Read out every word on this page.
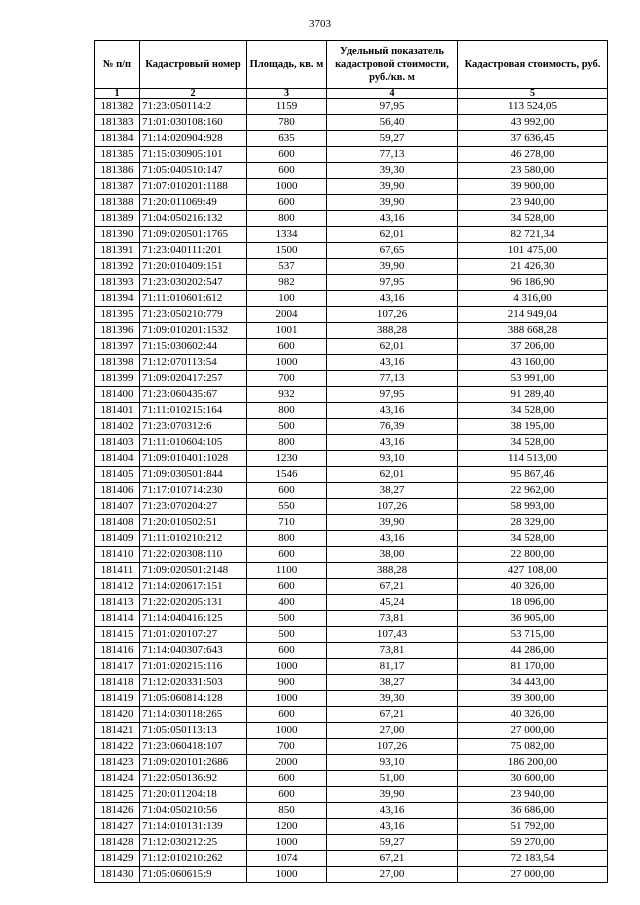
3703
№ п/п	Кадастровый номер	Площадь, кв. м	Удельный показатель кадастровой стоимости, руб./кв. м	Кадастровая стоимость, руб.
1	2	3	4	5
181382	71:23:050114:2	1159	97,95	113 524,05
181383	71:01:030108:160	780	56,40	43 992,00
181384	71:14:020904:928	635	59,27	37 636,45
181385	71:15:030905:101	600	77,13	46 278,00
181386	71:05:040510:147	600	39,30	23 580,00
181387	71:07:010201:1188	1000	39,90	39 900,00
181388	71:20:011069:49	600	39,90	23 940,00
181389	71:04:050216:132	800	43,16	34 528,00
181390	71:09:020501:1765	1334	62,01	82 721,34
181391	71:23:040111:201	1500	67,65	101 475,00
181392	71:20:010409:151	537	39,90	21 426,30
181393	71:23:030202:547	982	97,95	96 186,90
181394	71:11:010601:612	100	43,16	4 316,00
181395	71:23:050210:779	2004	107,26	214 949,04
181396	71:09:010201:1532	1001	388,28	388 668,28
181397	71:15:030602:44	600	62,01	37 206,00
181398	71:12:070113:54	1000	43,16	43 160,00
181399	71:09:020417:257	700	77,13	53 991,00
181400	71:23:060435:67	932	97,95	91 289,40
181401	71:11:010215:164	800	43,16	34 528,00
181402	71:23:070312:6	500	76,39	38 195,00
181403	71:11:010604:105	800	43,16	34 528,00
181404	71:09:010401:1028	1230	93,10	114 513,00
181405	71:09:030501:844	1546	62,01	95 867,46
181406	71:17:010714:230	600	38,27	22 962,00
181407	71:23:070204:27	550	107,26	58 993,00
181408	71:20:010502:51	710	39,90	28 329,00
181409	71:11:010210:212	800	43,16	34 528,00
181410	71:22:020308:110	600	38,00	22 800,00
181411	71:09:020501:2148	1100	388,28	427 108,00
181412	71:14:020617:151	600	67,21	40 326,00
181413	71:22:020205:131	400	45,24	18 096,00
181414	71:14:040416:125	500	73,81	36 905,00
181415	71:01:020107:27	500	107,43	53 715,00
181416	71:14:040307:643	600	73,81	44 286,00
181417	71:01:020215:116	1000	81,17	81 170,00
181418	71:12:020331:503	900	38,27	34 443,00
181419	71:05:060814:128	1000	39,30	39 300,00
181420	71:14:030118:265	600	67,21	40 326,00
181421	71:05:050113:13	1000	27,00	27 000,00
181422	71:23:060418:107	700	107,26	75 082,00
181423	71:09:020101:2686	2000	93,10	186 200,00
181424	71:22:050136:92	600	51,00	30 600,00
181425	71:20:011204:18	600	39,90	23 940,00
181426	71:04:050210:56	850	43,16	36 686,00
181427	71:14:010131:139	1200	43,16	51 792,00
181428	71:12:030212:25	1000	59,27	59 270,00
181429	71:12:010210:262	1074	67,21	72 183,54
181430	71:05:060615:9	1000	27,00	27 000,00
